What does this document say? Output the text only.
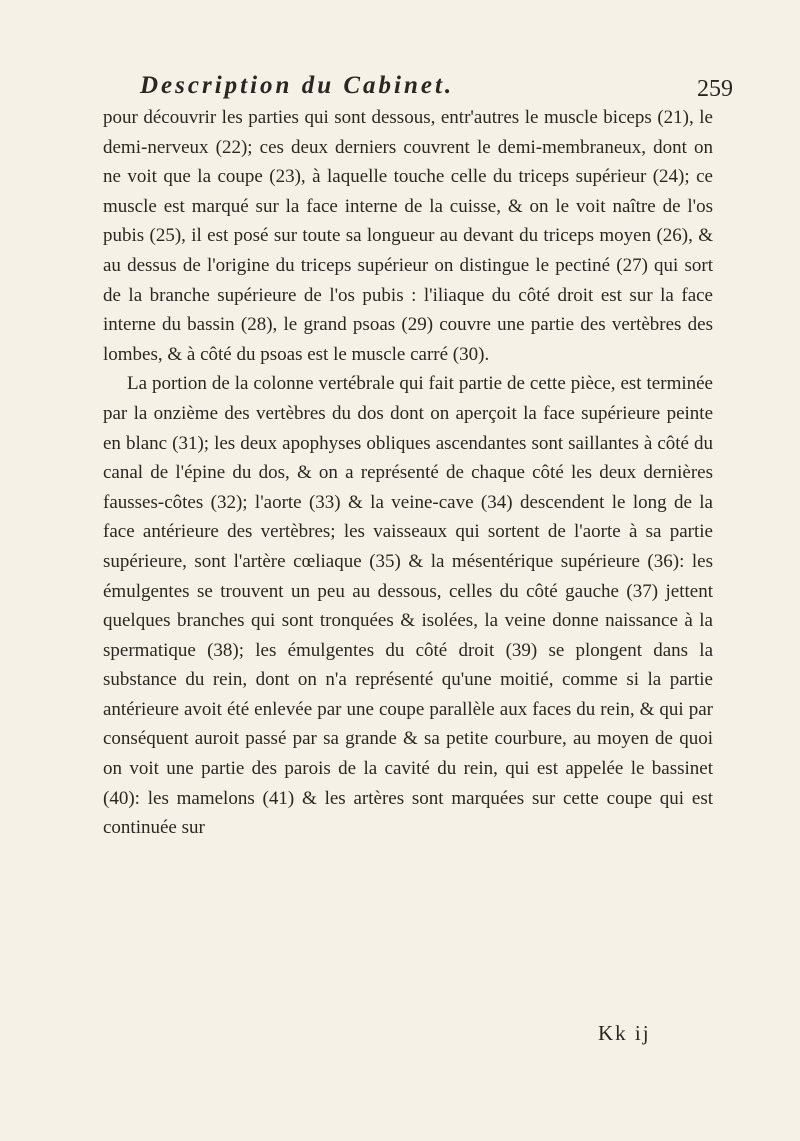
Description du Cabinet.	259

pour découvrir les parties qui sont dessous, entr'autres le muscle biceps (21), le demi-nerveux (22); ces deux derniers couvrent le demi-membraneux, dont on ne voit que la coupe (23), à laquelle touche celle du triceps supérieur (24); ce muscle est marqué sur la face interne de la cuisse, & on le voit naître de l'os pubis (25), il est posé sur toute sa longueur au devant du triceps moyen (26), & au dessus de l'origine du triceps supérieur on distingue le pectiné (27) qui sort de la branche supérieure de l'os pubis : l'iliaque du côté droit est sur la face interne du bassin (28), le grand psoas (29) couvre une partie des vertèbres des lombes, & à côté du psoas est le muscle carré (30).

La portion de la colonne vertébrale qui fait partie de cette pièce, est terminée par la onzième des vertèbres du dos dont on aperçoit la face supérieure peinte en blanc (31); les deux apophyses obliques ascendantes sont saillantes à côté du canal de l'épine du dos, & on a représenté de chaque côté les deux dernières fausses-côtes (32); l'aorte (33) & la veine-cave (34) descendent le long de la face antérieure des vertèbres; les vaisseaux qui sortent de l'aorte à sa partie supérieure, sont l'artère cœliaque (35) & la mésentérique supérieure (36): les émulgentes se trouvent un peu au dessous, celles du côté gauche (37) jettent quelques branches qui sont tronquées & isolées, la veine donne naissance à la spermatique (38); les émulgentes du côté droit (39) se plongent dans la substance du rein, dont on n'a représenté qu'une moitié, comme si la partie antérieure avoit été enlevée par une coupe parallèle aux faces du rein, & qui par conséquent auroit passé par sa grande & sa petite courbure, au moyen de quoi on voit une partie des parois de la cavité du rein, qui est appelée le bassinet (40): les mamelons (41) & les artères sont marquées sur cette coupe qui est continuée sur

Kk ij
